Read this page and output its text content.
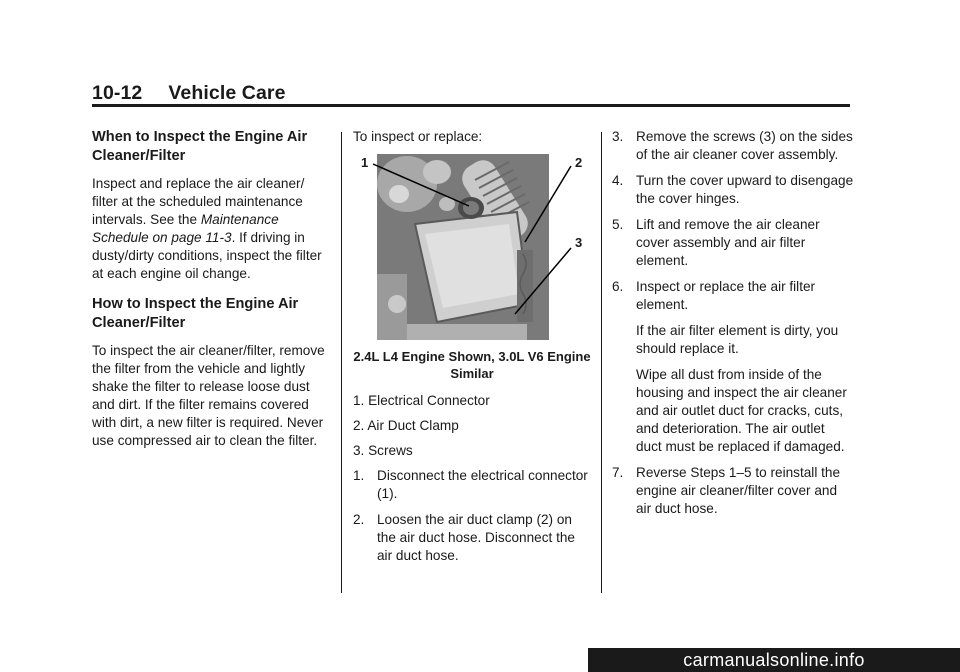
10-12 Vehicle Care
When to Inspect the Engine Air Cleaner/Filter

Inspect and replace the air cleaner/ filter at the scheduled maintenance intervals. See the Maintenance Schedule on page 11-3. If driving in dusty/dirty conditions, inspect the filter at each engine oil change.

How to Inspect the Engine Air Cleaner/Filter

To inspect the air cleaner/filter, remove the filter from the vehicle and lightly shake the filter to release loose dust and dirt. If the filter remains covered with dirt, a new filter is required. Never use compressed air to clean the filter.

To inspect or replace:

1	2
3
2.4L L4 Engine Shown, 3.0L V6 Engine Similar

1. Electrical Connector

2. Air Duct Clamp

3. Screws

1. Disconnect the electrical connector (1).
2. Loosen the air duct clamp (2) on the air duct hose. Disconnect the air duct hose.
3. Remove the screws (3) on the sides of the air cleaner cover assembly.
4. Turn the cover upward to disengage the cover hinges.
5. Lift and remove the air cleaner cover assembly and air filter element.
6. Inspect or replace the air filter element.

If the air filter element is dirty, you should replace it.

Wipe all dust from inside of the housing and inspect the air cleaner and air outlet duct for cracks, cuts, and deterioration. The air outlet duct must be replaced if damaged.

7. Reverse Steps 1–5 to reinstall the engine air cleaner/filter cover and air duct hose.
carmanualsonline.info
